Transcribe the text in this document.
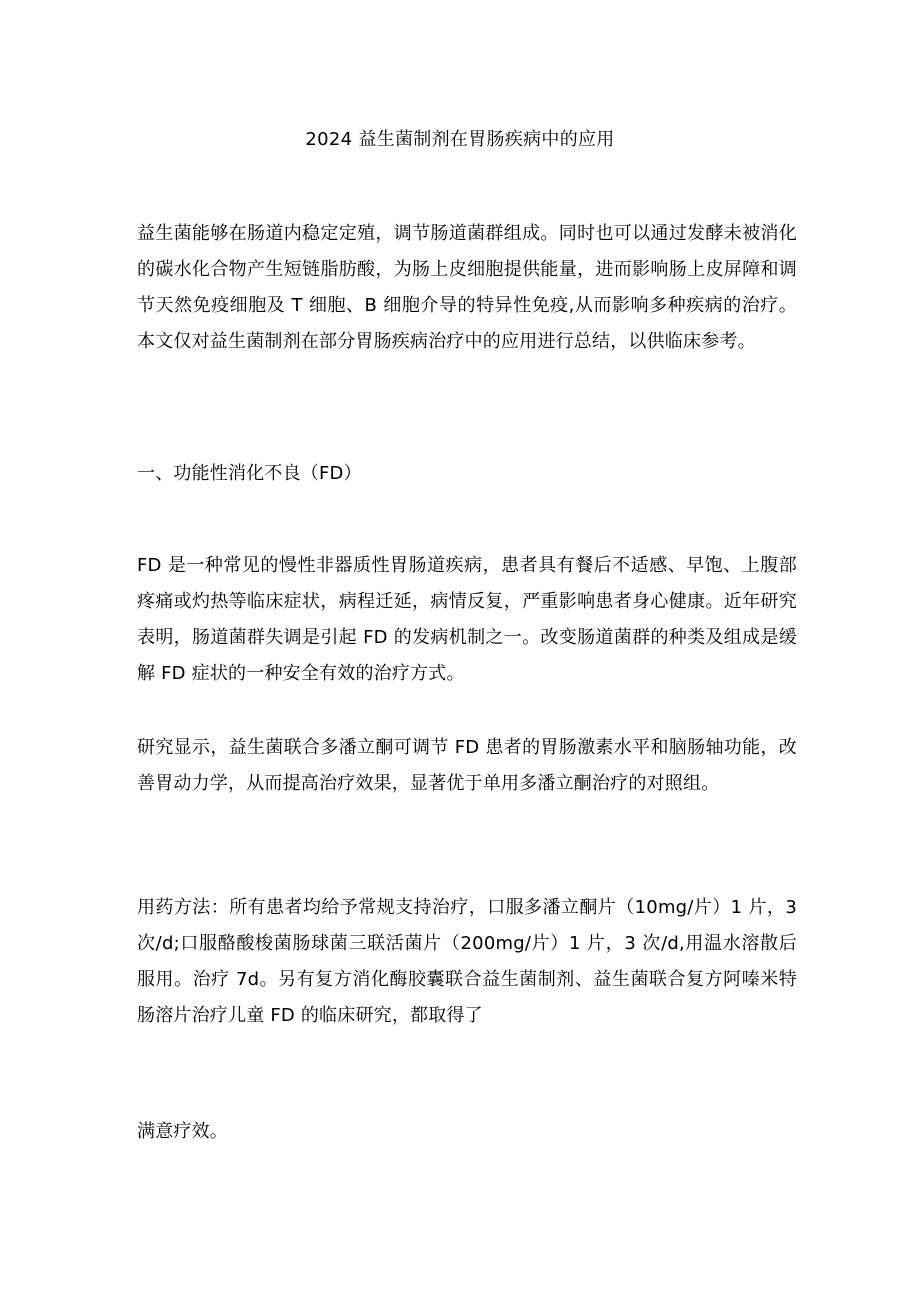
2024 益生菌制剂在胃肠疾病中的应用

益生菌能够在肠道内稳定定殖，调节肠道菌群组成。同时也可以通过发酵未被消化的碳水化合物产生短链脂肪酸，为肠上皮细胞提供能量，进而影响肠上皮屏障和调节天然免疫细胞及 T 细胞、B 细胞介导的特异性免疫,从而影响多种疾病的治疗。本文仅对益生菌制剂在部分胃肠疾病治疗中的应用进行总结，以供临床参考。

一、功能性消化不良（FD）

FD 是一种常见的慢性非器质性胃肠道疾病，患者具有餐后不适感、早饱、上腹部疼痛或灼热等临床症状，病程迁延，病情反复，严重影响患者身心健康。近年研究表明，肠道菌群失调是引起 FD 的发病机制之一。改变肠道菌群的种类及组成是缓解 FD 症状的一种安全有效的治疗方式。

研究显示，益生菌联合多潘立酮可调节 FD 患者的胃肠激素水平和脑肠轴功能，改善胃动力学，从而提高治疗效果，显著优于单用多潘立酮治疗的对照组。

用药方法：所有患者均给予常规支持治疗，口服多潘立酮片（10mg/片）1 片，3 次/d;口服酪酸梭菌肠球菌三联活菌片（200mg/片）1 片，3 次/d,用温水溶散后服用。治疗 7d。另有复方消化酶胶囊联合益生菌制剂、益生菌联合复方阿嗪米特肠溶片治疗儿童 FD 的临床研究，都取得了

满意疗效。
